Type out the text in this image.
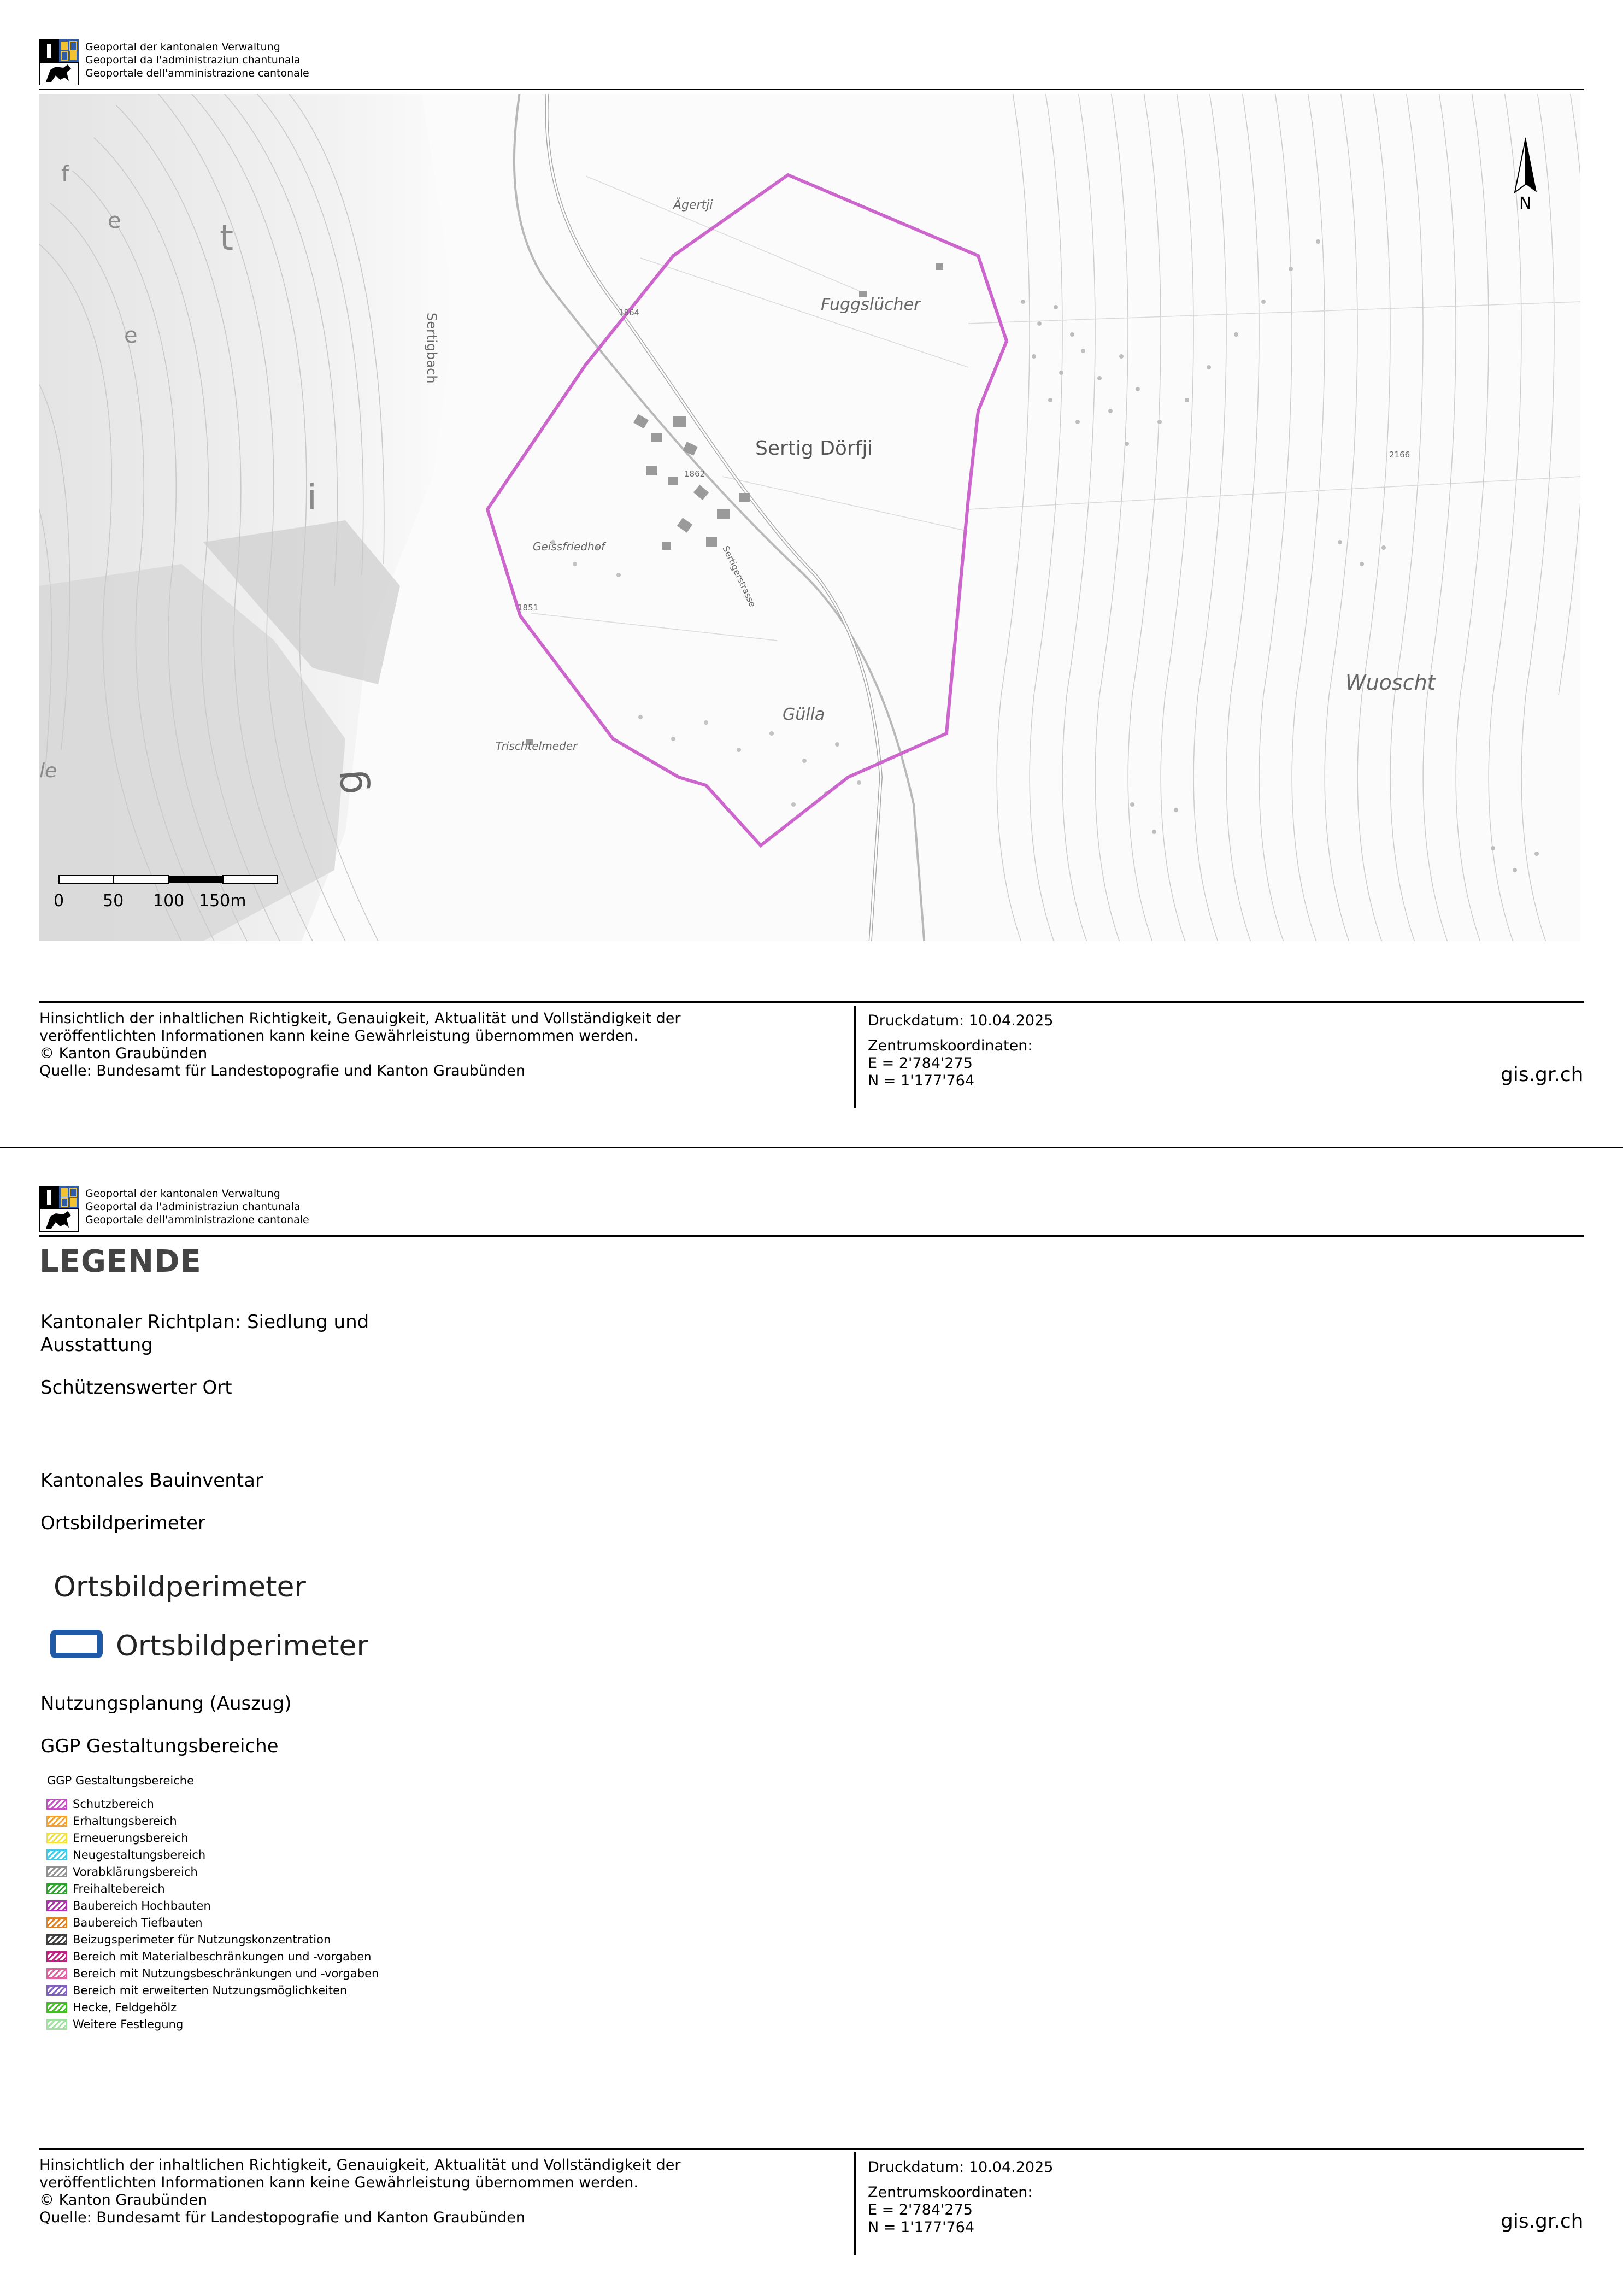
Geoportal der kantonalen Verwaltung
Geoportal da l'administraziun chantunala
Geoportale dell'amministrazione cantonale
Ägertji
Fuggslücher
Sertig Dörfji
Geissfriedhof
Sertigbach
Gülla
Trischtelmeder
Wuoscht
Sertigerstrasse
1864
1862
1851
2166
f
e	t
e
i
g
le
N
0 50 100 150m
Hinsichtlich der inhaltlichen Richtigkeit, Genauigkeit, Aktualität und Vollständigkeit der
veröffentlichten Informationen kann keine Gewährleistung übernommen werden.
© Kanton Graubünden
Quelle: Bundesamt für Landestopografie und Kanton Graubünden
Druckdatum: 10.04.2025
Zentrumskoordinaten:
E = 2'784'275
N = 1'177'764	gis.gr.ch
Geoportal der kantonalen Verwaltung
Geoportal da l'administraziun chantunala
Geoportale dell'amministrazione cantonale
LEGENDE
Kantonaler Richtplan: Siedlung und Ausstattung
Schützenswerter Ort
Kantonales Bauinventar
Ortsbildperimeter
Ortsbildperimeter
Ortsbildperimeter
Nutzungsplanung (Auszug)
GGP Gestaltungsbereiche
GGP Gestaltungsbereiche
Schutzbereich
Erhaltungsbereich
Erneuerungsbereich
Neugestaltungsbereich
Vorabklärungsbereich
Freihaltebereich
Baubereich Hochbauten
Baubereich Tiefbauten
Beizugsperimeter für Nutzungskonzentration
Bereich mit Materialbeschränkungen und -vorgaben
Bereich mit Nutzungsbeschränkungen und -vorgaben
Bereich mit erweiterten Nutzungsmöglichkeiten
Hecke, Feldgehölz
Weitere Festlegung
Hinsichtlich der inhaltlichen Richtigkeit, Genauigkeit, Aktualität und Vollständigkeit der
veröffentlichten Informationen kann keine Gewährleistung übernommen werden.
© Kanton Graubünden
Quelle: Bundesamt für Landestopografie und Kanton Graubünden
Druckdatum: 10.04.2025
Zentrumskoordinaten:
E = 2'784'275
N = 1'177'764	gis.gr.ch
